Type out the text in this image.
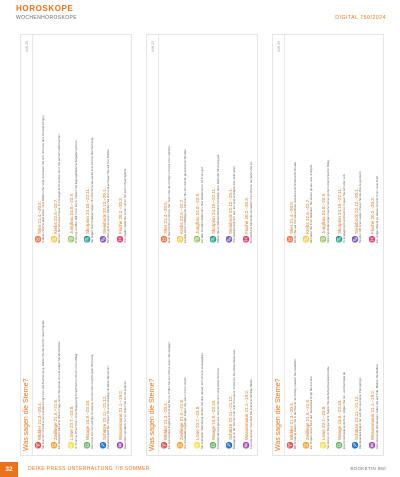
HOROSKOPE
WOCHENHOROSKOPE	DIGITAL 750/2024
Was sagen die Sterne?
KW 22
♈
Widder 21.3.–20.4. Sie kommen schnell voran und das bringt Ihnen viel Anerkennung. Nutzen Sie die Zeit für neue Projekte.
♉
Stier 21.4.–20.5. In dieser Woche läuft vieles rund. Bleiben Sie ruhig und lassen Sie sich nicht aus dem Konzept bringen.
♊
Zwillinge 21.5.–21.6. Ein Gespräch klärt eine offene Frage. Hören Sie genau hin und zeigen Sie Verständnis.
♋
Krebs 22.6.–22.7. Gönnen Sie sich eine Pause. Ihre Energie kehrt zurück, wenn Sie auf sich selbst achten.
♌
Löwe 23.7.–23.8. Ihr Charme öffnet Türen. Eine Begegnung bringt frischen Wind in Ihren Alltag.
♍
Jungfrau 24.8.–23.9. Ordnung schaffen fällt Ihnen leicht. Packen Sie liegengebliebene Aufgaben jetzt an.
♎
Waage 24.9.–23.10. Harmonie ist Ihnen wichtig. Ein kleiner Kompromiss sorgt für gute Stimmung.
♏
Skorpion 24.10.–22.11. Sie zeigen Durchhaltevermögen. Am Wochenende wartet eine schöne Überraschung.
♐
Schütze 23.11.–21.12. Reiselust packt Sie. Planen Sie einen Ausflug mit lieben Menschen.
♑
Steinbock 22.12.–20.1. Beruflich geht es voran. Bleiben Sie dran und vertrauen Sie auf Ihre Stärken.
♒
Wassermann 21.1.–19.2. Neue Ideen sprudeln nur so. Teilen Sie sie mit anderen.
♓
Fische 20.2.–20.3. Ihre Intuition leitet Sie sicher. Hören Sie auf Ihr Bauchgefühl.
Was sagen die Sterne?
KW 23
♈
Widder 21.3.–20.4. Ein spannendes Angebot kommt auf Sie zu. Prüfen Sie es in Ruhe, bevor Sie zusagen.
♉
Stier 21.4.–20.5. Gute Nachrichten erreichen Sie. Feiern Sie den Erfolg im Kreise Ihrer Liebsten.
♊
Zwillinge 21.5.–21.6. Ihre Kreativität ist gefragt. Zeigen Sie, was in Ihnen steckt.
♋
Krebs 22.6.–22.7. Familie steht im Mittelpunkt. Nehmen Sie sich Zeit für gemeinsame Stunden.
♌
Löwe 23.7.–23.8. Sie sind voller Tatendrang. Achten Sie aber darauf, sich nicht zu verausgaben.
♍
Jungfrau 24.8.–23.9. Ein alter Kontakt meldet sich. Das Wiedersehen tut Ihnen gut.
♎
Waage 24.9.–23.10. Finanziell sieht es gut aus. Gönnen Sie sich ruhig etwas Schönes.
♏
Skorpion 24.10.–22.11. Klären Sie ein Missverständnis frühzeitig, dann bleibt die Stimmung gut.
♐
Schütze 23.11.–21.12. Bewegung an der frischen Luft hebt Ihre Laune. Probieren Sie etwas Neues aus.
♑
Steinbock 22.12.–20.1. Ihre Geduld zahlt sich aus. Ein lang verfolgtes Ziel rückt näher.
♒
Wassermann 21.1.–19.2. Freunde suchen Ihren Rat. Sie sind eine wichtige Stütze.
♓
Fische 20.2.–20.3. Romantische Momente verzaubern Ihre Woche. Genießen Sie es.
Was sagen die Sterne?
KW 24
♈
Widder 21.3.–20.4. Mit Schwung starten Sie in die Woche. Ein Erfolg motiviert Sie zusätzlich.
♉
Stier 21.4.–20.5. Achten Sie auf Ihre Gesundheit. Ausreichend Schlaf wirkt Wunder.
♊
Zwillinge 21.5.–21.6. Ein Projekt nimmt Fahrt auf. Teamarbeit bringt Sie ans Ziel.
♋
Krebs 22.6.–22.7. Vertrauen Sie Ihren Gefühlen. Sie wissen genau, was richtig ist.
♌
Löwe 23.7.–23.8. Sie stehen im Rampenlicht. Nutzen Sie die Aufmerksamkeit positiv.
♍
Jungfrau 24.8.–23.9. Kleine Veränderungen machen einen großen Unterschied im Alltag.
♎
Waage 24.9.–23.10. Eine Entscheidung steht an. Wägen Sie Vor- und Nachteile ab.
♏
Skorpion 24.10.–22.11. Ihr Engagement wird belohnt. Freuen Sie sich über Lob.
♐
Schütze 23.11.–21.12. Abenteuerlust liegt in der Luft. Ein spontaner Plan gelingt.
♑
Steinbock 22.12.–20.1. Struktur hilft Ihnen weiter. Planen Sie die Woche gut durch.
♒
Wassermann 21.1.–19.2. Überraschende Wendungen halten Sie auf Trab. Bleiben Sie flexibel.
♓
Fische 20.2.–20.3. Ein ruhiger Abend zu Hause schenkt Ihnen neue Kraft.
32	DEIKE PRESS UNTERHALTUNG 7/8 SOMMER	BOOKETIN 850
